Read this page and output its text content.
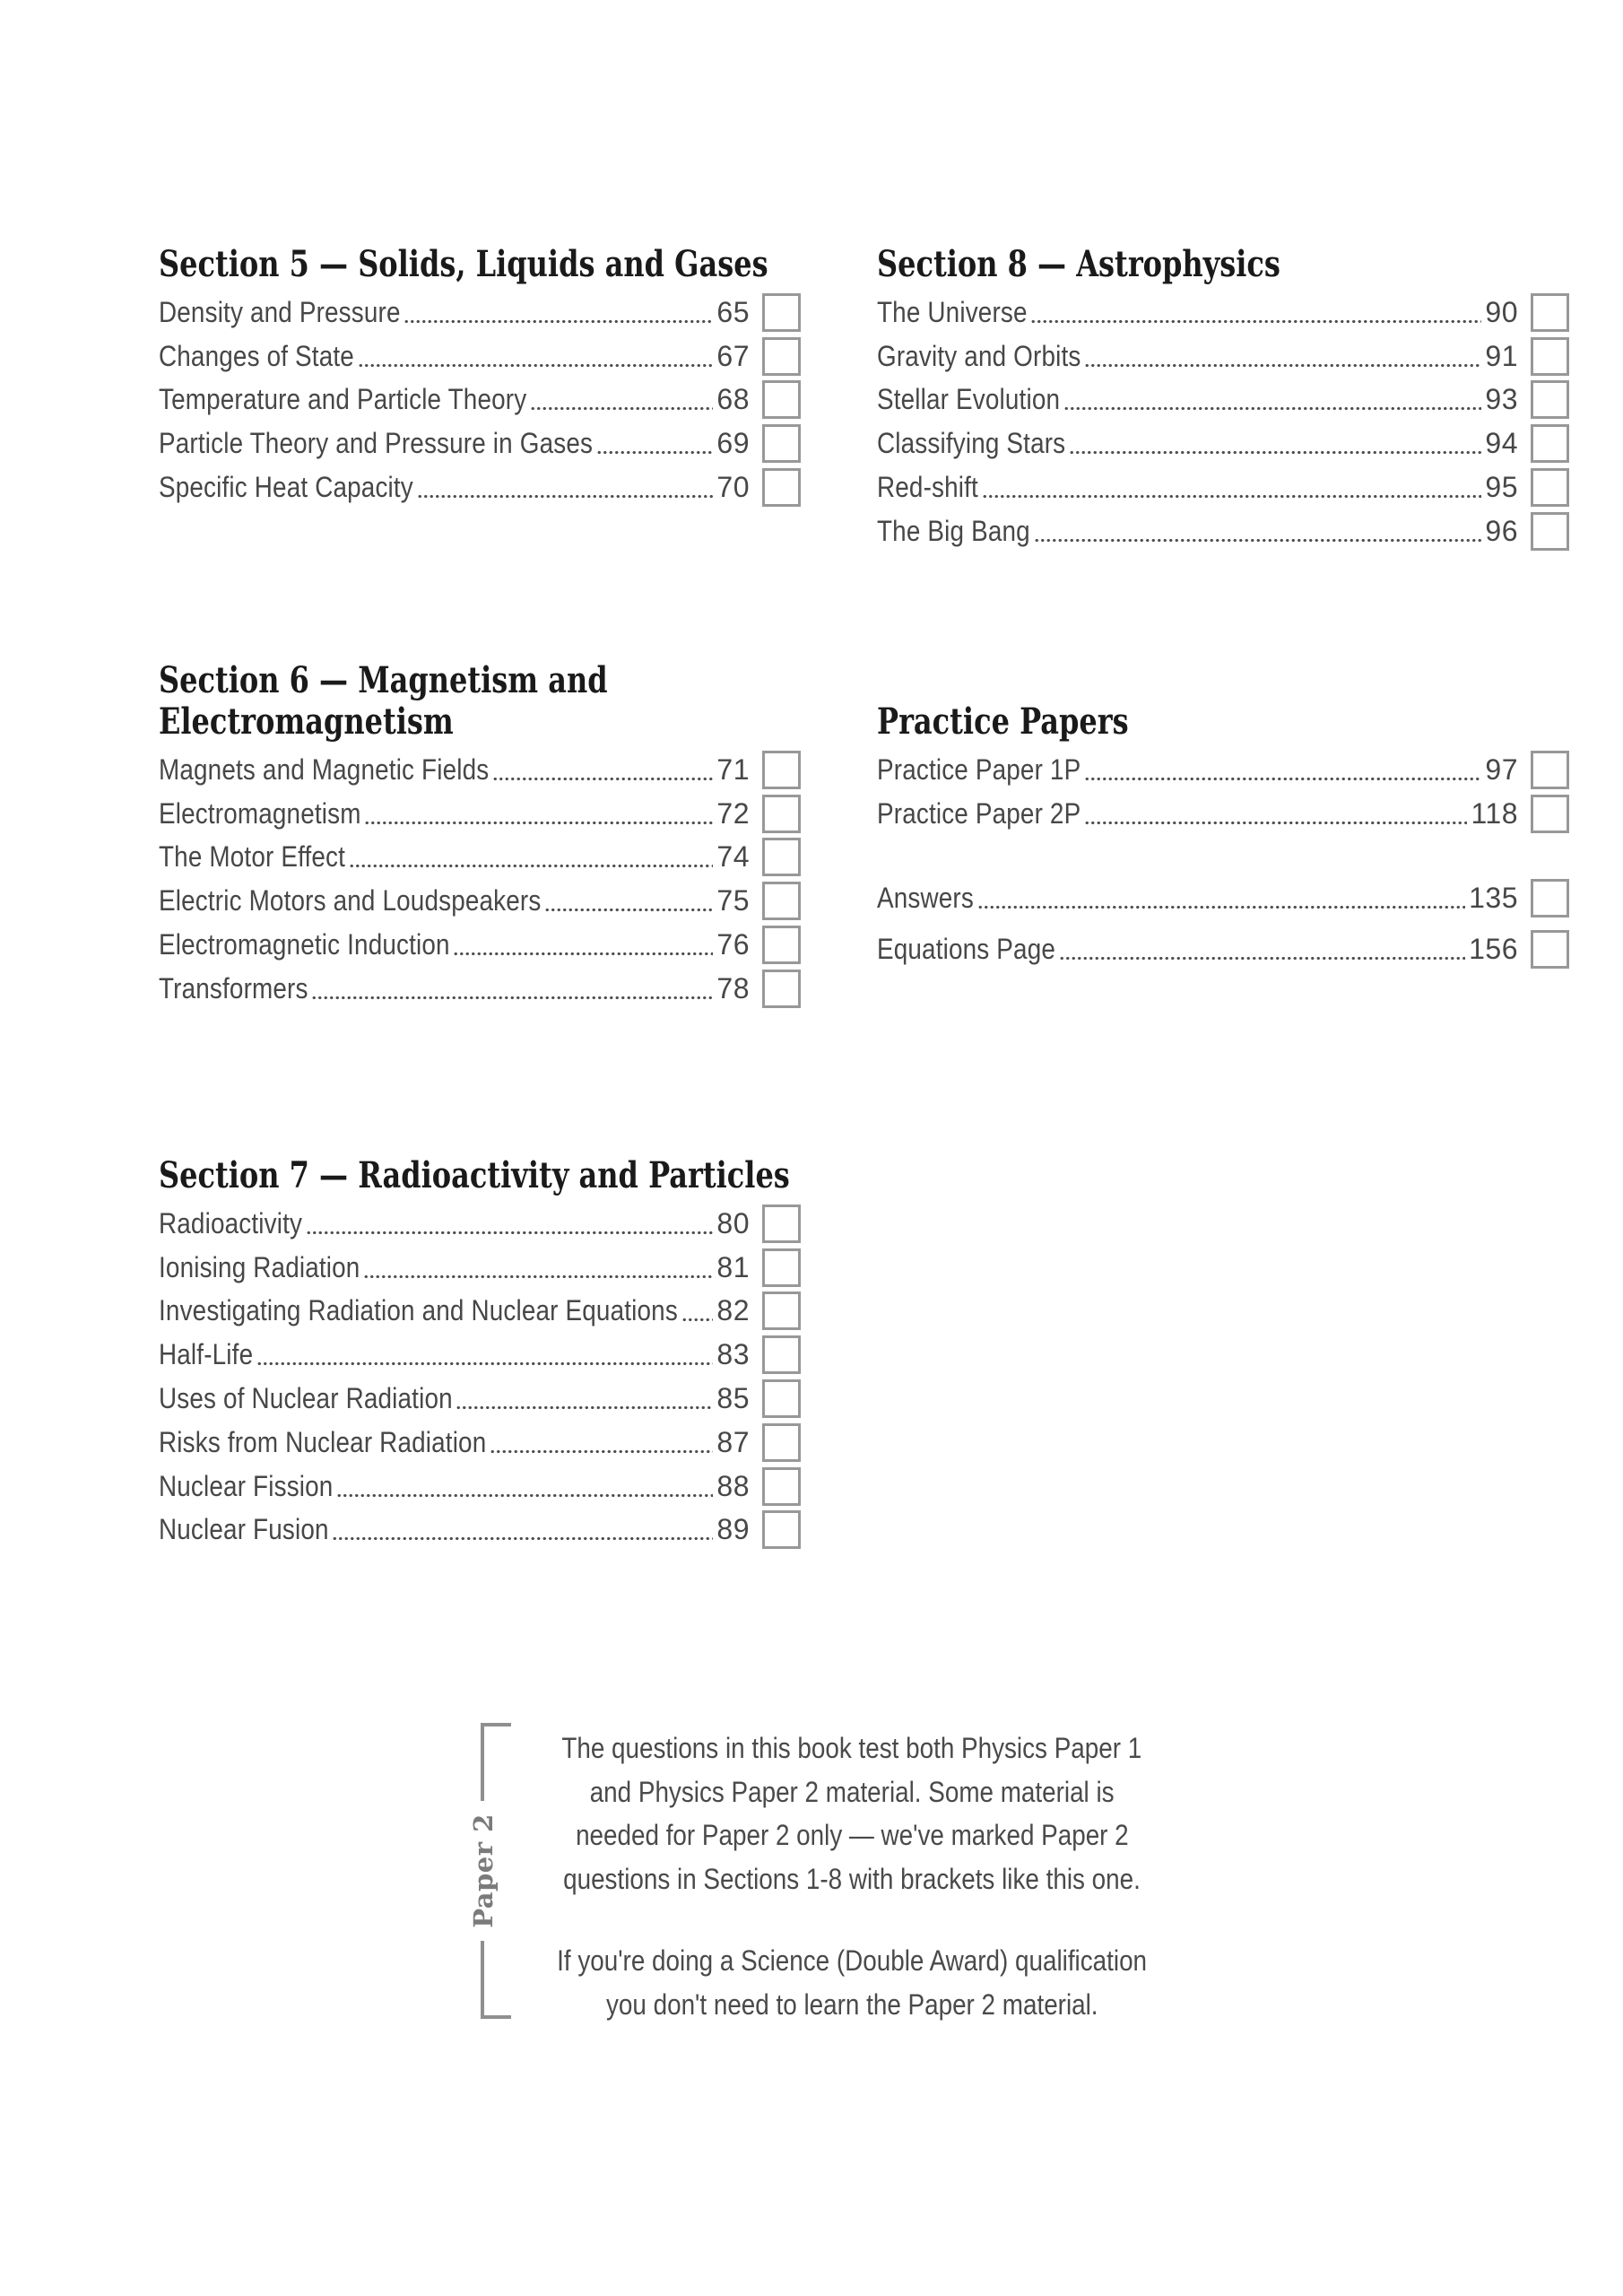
Section 5 — Solids, Liquids and Gases
Density and Pressure	65
Changes of State	67
Temperature and Particle Theory	68
Particle Theory and Pressure in Gases	69
Specific Heat Capacity	70
Section 8 — Astrophysics
The Universe	90
Gravity and Orbits	91
Stellar Evolution	93
Classifying Stars	94
Red-shift	95
The Big Bang	96
Section 6 — Magnetism and
Electromagnetism
Magnets and Magnetic Fields	71
Electromagnetism	72
The Motor Effect	74
Electric Motors and Loudspeakers	75
Electromagnetic Induction	76
Transformers	78
Practice Papers
Practice Paper 1P	97
Practice Paper 2P	118
Answers	135
Equations Page	156
Section 7 — Radioactivity and Particles
Radioactivity	80
Ionising Radiation	81
Investigating Radiation and Nuclear Equations 82
Half-Life	83
Uses of Nuclear Radiation	85
Risks from Nuclear Radiation	87
Nuclear Fission	88
Nuclear Fusion	89
Paper 2
The questions in this book test both Physics Paper 1
and Physics Paper 2 material. Some material is
needed for Paper 2 only — we've marked Paper 2
questions in Sections 1-8 with brackets like this one.
If you're doing a Science (Double Award) qualification
you don't need to learn the Paper 2 material.
